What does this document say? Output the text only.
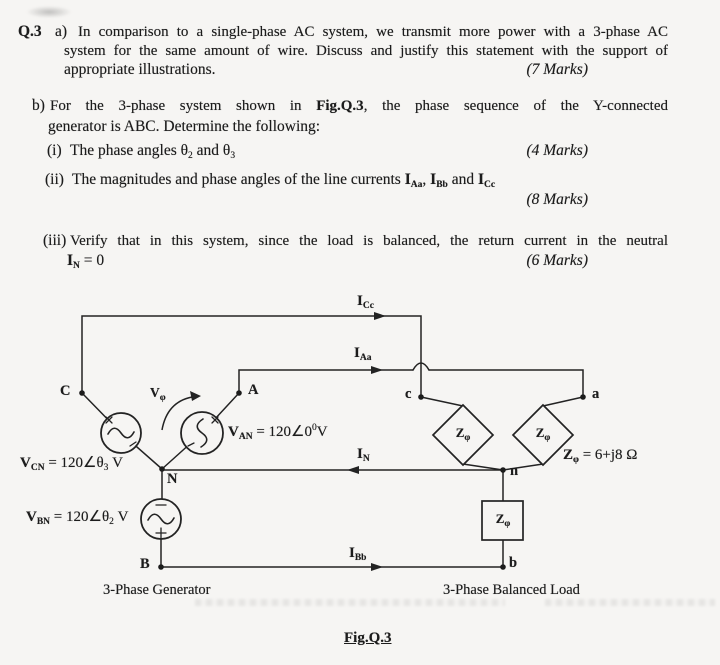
Q.3 a) In comparison to a single-phase AC system, we transmit more power with a 3-phase AC
system for the same amount of wire. Discuss and justify this statement with the support of
appropriate illustrations.	(7 Marks)
b) For the 3-phase system shown in Fig.Q.3, the phase sequence of the Y-connected
generator is ABC. Determine the following:
(i) The phase angles $\theta_2$ and $\theta_3$	(4 Marks)
(ii) The magnitudes and phase angles of the line currents $I_{Aa}$, $I_{Bb}$ and $I_{Cc}$
(8 Marks)
(iii) Verify that in this system, since the load is balanced, the return current in the neutral
$I_N = 0$	(6 Marks)
$I_{Cc}$
$I_{Aa}$
$I_N$
$I_{Bb}$
$V_\varphi$
$V_{AN}$ = $120\angle 0^0V$
$V_{CN}$ = $120\angle\theta_3$ V
$V_{BN}$ = $120\angle\theta_2$ V
$Z_\varphi = 6+j8$ Ω
$Z_\varphi$	$Z_\varphi$
$Z_\varphi$
C	A
N
B
c	a
n
b
3-Phase Generator	3-Phase Balanced Load
Fig.Q.3
